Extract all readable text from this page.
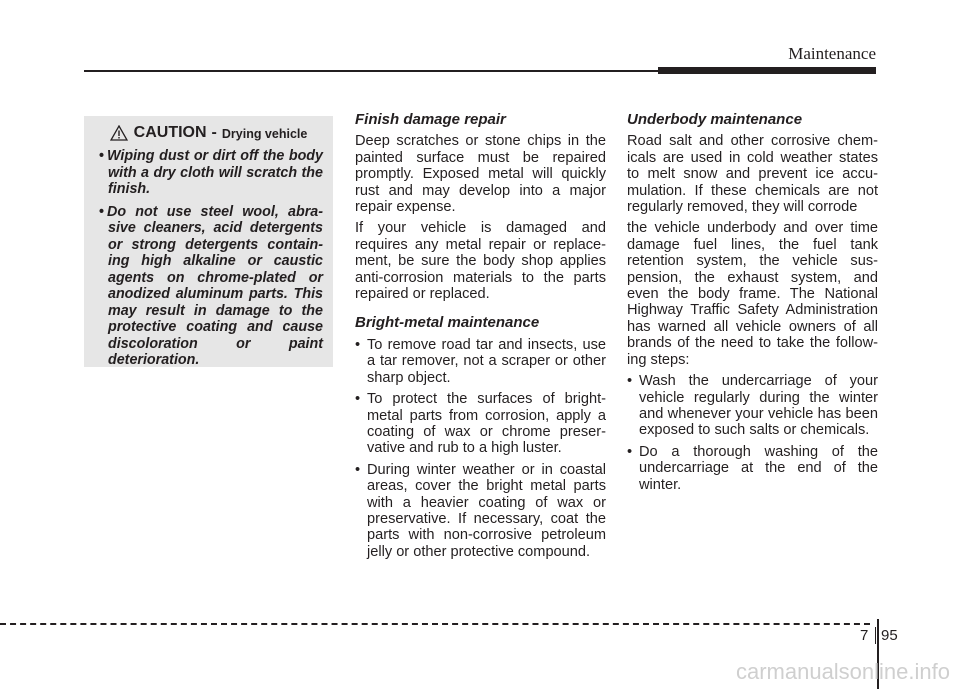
Maintenance
CAUTION - Drying vehicle
• Wiping dust or dirt off the body with a dry cloth will scratch the finish.
• Do not use steel wool, abra-sive cleaners, acid detergents or strong detergents contain-ing high alkaline or caustic agents on chrome-plated or anodized aluminum parts. This may result in damage to the protective coating and cause discoloration or paint deterioration.
Finish damage repair

Deep scratches or stone chips in the painted surface must be repaired promptly. Exposed metal will quickly rust and may develop into a major repair expense.

If your vehicle is damaged and requires any metal repair or replace-ment, be sure the body shop applies anti-corrosion materials to the parts repaired or replaced.

Bright-metal maintenance
• To remove road tar and insects, use a tar remover, not a scraper or other sharp object.
• To protect the surfaces of bright-metal parts from corrosion, apply a coating of wax or chrome preser-vative and rub to a high luster.
• During winter weather or in coastal areas, cover the bright metal parts with a heavier coating of wax or preservative. If necessary, coat the parts with non-corrosive petroleum jelly or other protective compound.
Underbody maintenance

Road salt and other corrosive chem-icals are used in cold weather states to melt snow and prevent ice accu-mulation. If these chemicals are not regularly removed, they will corrode

the vehicle underbody and over time damage fuel lines, the fuel tank retention system, the vehicle sus-pension, the exhaust system, and even the body frame. The National Highway Traffic Safety Administration has warned all vehicle owners of all brands of the need to take the follow-ing steps:

• Wash the undercarriage of your vehicle regularly during the winter and whenever your vehicle has been exposed to such salts or chemicals.
• Do a thorough washing of the undercarriage at the end of the winter.
7 95
carmanualsonline.info
